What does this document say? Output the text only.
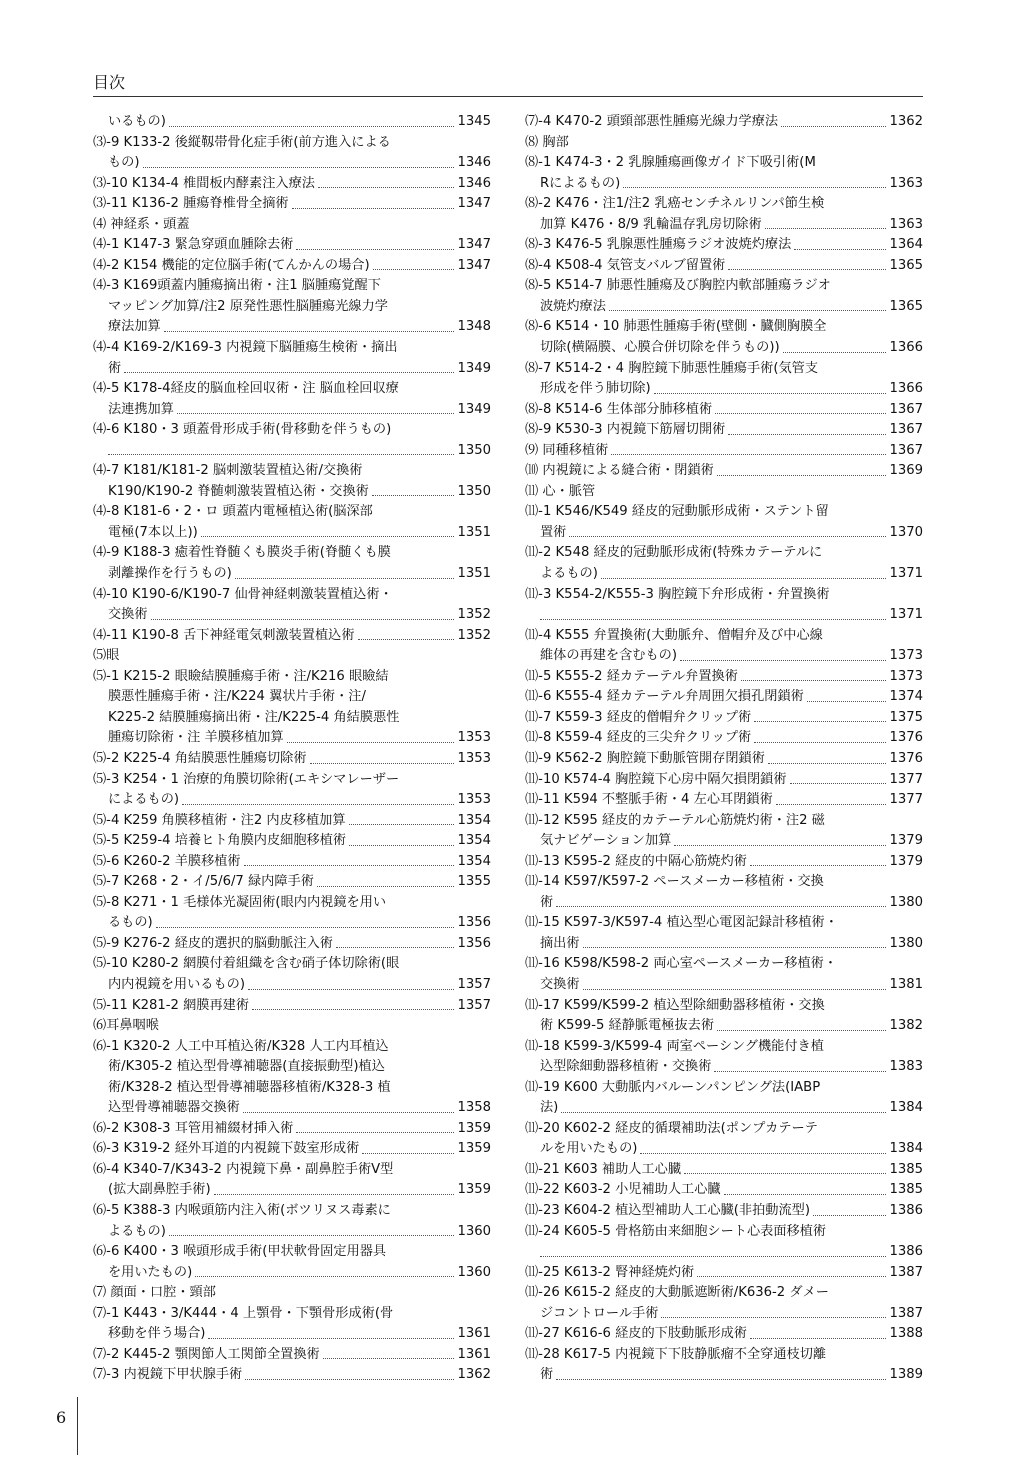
目次
いるもの)	1345
⑶-9 K133-2 後縦靱帯骨化症手術(前方進入による
もの)	1346
⑶-10 K134-4 椎間板内酵素注入療法	1346
⑶-11 K136-2 腫瘍脊椎骨全摘術	1347
⑷ 神経系・頭蓋
⑷-1 K147-3 緊急穿頭血腫除去術	1347
⑷-2 K154 機能的定位脳手術(てんかんの場合)	1347
⑷-3 K169頭蓋内腫瘍摘出術・注1 脳腫瘍覚醒下
マッピング加算/注2 原発性悪性脳腫瘍光線力学
療法加算	1348
⑷-4 K169-2/K169-3 内視鏡下脳腫瘍生検術・摘出
術	1349
⑷-5 K178-4経皮的脳血栓回収術・注 脳血栓回収療
法連携加算	1349
⑷-6 K180・3 頭蓋骨形成手術(骨移動を伴うもの)
1350
⑷-7 K181/K181-2 脳刺激装置植込術/交換術
K190/K190-2 脊髄刺激装置植込術・交換術	1350
⑷-8 K181-6・2・ロ 頭蓋内電極植込術(脳深部
電極(7本以上))	1351
⑷-9 K188-3 癒着性脊髄くも膜炎手術(脊髄くも膜
剥離操作を行うもの)	1351
⑷-10 K190-6/K190-7 仙骨神経刺激装置植込術・
交換術	1352
⑷-11 K190-8 舌下神経電気刺激装置植込術	1352
⑸眼
⑸-1 K215-2 眼瞼結膜腫瘍手術・注/K216 眼瞼結
膜悪性腫瘍手術・注/K224 翼状片手術・注/
K225-2 結膜腫瘍摘出術・注/K225-4 角結膜悪性
腫瘍切除術・注 羊膜移植加算	1353
⑸-2 K225-4 角結膜悪性腫瘍切除術	1353
⑸-3 K254・1 治療的角膜切除術(エキシマレーザー
によるもの)	1353
⑸-4 K259 角膜移植術・注2 内皮移植加算	1354
⑸-5 K259-4 培養ヒト角膜内皮細胞移植術	1354
⑸-6 K260-2 羊膜移植術	1354
⑸-7 K268・2・イ/5/6/7 緑内障手術	1355
⑸-8 K271・1 毛様体光凝固術(眼内内視鏡を用い
るもの)	1356
⑸-9 K276-2 経皮的選択的脳動脈注入術	1356
⑸-10 K280-2 網膜付着組織を含む硝子体切除術(眼
内内視鏡を用いるもの)	1357
⑸-11 K281-2 網膜再建術	1357
⑹耳鼻咽喉
⑹-1 K320-2 人工中耳植込術/K328 人工内耳植込
術/K305-2 植込型骨導補聴器(直接振動型)植込
術/K328-2 植込型骨導補聴器移植術/K328-3 植
込型骨導補聴器交換術	1358
⑹-2 K308-3 耳管用補綴材挿入術	1359
⑹-3 K319-2 経外耳道的内視鏡下鼓室形成術	1359
⑹-4 K340-7/K343-2 内視鏡下鼻・副鼻腔手術Ⅴ型
(拡大副鼻腔手術)	1359
⑹-5 K388-3 内喉頭筋内注入術(ボツリヌス毒素に
よるもの)	1360
⑹-6 K400・3 喉頭形成手術(甲状軟骨固定用器具
を用いたもの)	1360
⑺ 顔面・口腔・頸部
⑺-1 K443・3/K444・4 上顎骨・下顎骨形成術(骨
移動を伴う場合)	1361
⑺-2 K445-2 顎関節人工関節全置換術	1361
⑺-3 内視鏡下甲状腺手術	1362
⑺-4 K470-2 頭頸部悪性腫瘍光線力学療法	1362
⑻ 胸部
⑻-1 K474-3・2 乳腺腫瘍画像ガイド下吸引術(M
Rによるもの)	1363
⑻-2 K476・注1/注2 乳癌センチネルリンパ節生検
加算 K476・8/9 乳輪温存乳房切除術	1363
⑻-3 K476-5 乳腺悪性腫瘍ラジオ波焼灼療法	1364
⑻-4 K508-4 気管支バルブ留置術	1365
⑻-5 K514-7 肺悪性腫瘍及び胸腔内軟部腫瘍ラジオ
波焼灼療法	1365
⑻-6 K514・10 肺悪性腫瘍手術(壁側・臓側胸膜全
切除(横隔膜、心膜合併切除を伴うもの))	1366
⑻-7 K514-2・4 胸腔鏡下肺悪性腫瘍手術(気管支
形成を伴う肺切除)	1366
⑻-8 K514-6 生体部分肺移植術	1367
⑻-9 K530-3 内視鏡下筋層切開術	1367
⑼ 同種移植術	1367
⑽ 内視鏡による縫合術・閉鎖術	1369
⑾ 心・脈管
⑾-1 K546/K549 経皮的冠動脈形成術・ステント留
置術	1370
⑾-2 K548 経皮的冠動脈形成術(特殊カテーテルに
よるもの)	1371
⑾-3 K554-2/K555-3 胸腔鏡下弁形成術・弁置換術
1371
⑾-4 K555 弁置換術(大動脈弁、僧帽弁及び中心線
維体の再建を含むもの)	1373
⑾-5 K555-2 経カテーテル弁置換術	1373
⑾-6 K555-4 経カテーテル弁周囲欠損孔閉鎖術	1374
⑾-7 K559-3 経皮的僧帽弁クリップ術	1375
⑾-8 K559-4 経皮的三尖弁クリップ術	1376
⑾-9 K562-2 胸腔鏡下動脈管開存閉鎖術	1376
⑾-10 K574-4 胸腔鏡下心房中隔欠損閉鎖術	1377
⑾-11 K594 不整脈手術・4 左心耳閉鎖術	1377
⑾-12 K595 経皮的カテーテル心筋焼灼術・注2 磁
気ナビゲーション加算	1379
⑾-13 K595-2 経皮的中隔心筋焼灼術	1379
⑾-14 K597/K597-2 ペースメーカー移植術・交換
術	1380
⑾-15 K597-3/K597-4 植込型心電図記録計移植術・
摘出術	1380
⑾-16 K598/K598-2 両心室ペースメーカー移植術・
交換術	1381
⑾-17 K599/K599-2 植込型除細動器移植術・交換
術 K599-5 経静脈電極抜去術	1382
⑾-18 K599-3/K599-4 両室ペーシング機能付き植
込型除細動器移植術・交換術	1383
⑾-19 K600 大動脈内バルーンパンピング法(IABP
法)	1384
⑾-20 K602-2 経皮的循環補助法(ポンプカテーテ
ルを用いたもの)	1384
⑾-21 K603 補助人工心臓	1385
⑾-22 K603-2 小児補助人工心臓	1385
⑾-23 K604-2 植込型補助人工心臓(非拍動流型)	1386
⑾-24 K605-5 骨格筋由来細胞シート心表面移植術
1386
⑾-25 K613-2 腎神経焼灼術	1387
⑾-26 K615-2 経皮的大動脈遮断術/K636-2 ダメー
ジコントロール手術	1387
⑾-27 K616-6 経皮的下肢動脈形成術	1388
⑾-28 K617-5 内視鏡下下肢静脈瘤不全穿通枝切離
術	1389
6
